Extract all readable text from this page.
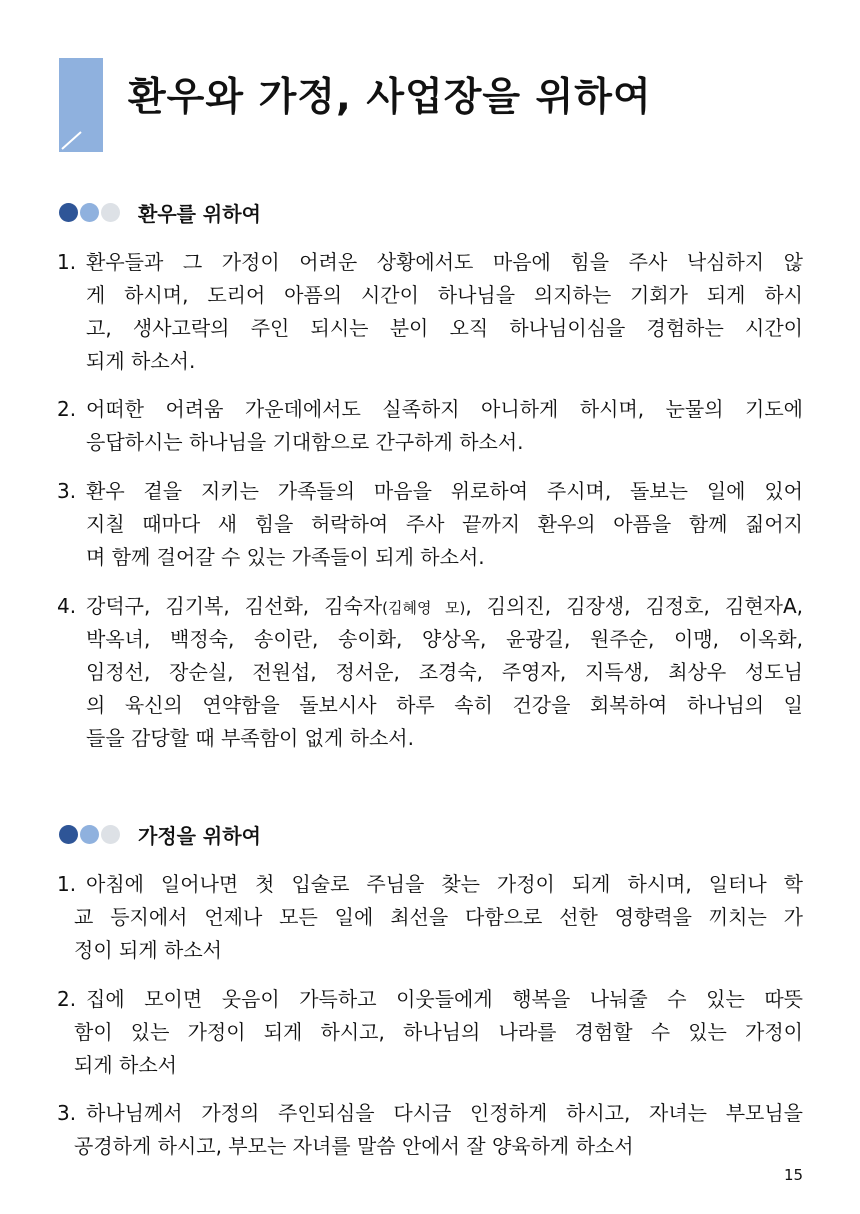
환우와 가정, 사업장을 위하여
환우를 위하여
1. 환우들과 그 가정이 어려운 상황에서도 마음에 힘을 주사 낙심하지 않
게 하시며, 도리어 아픔의 시간이 하나님을 의지하는 기회가 되게 하시
고, 생사고락의 주인 되시는 분이 오직 하나님이심을 경험하는 시간이
되게 하소서.
2. 어떠한 어려움 가운데에서도 실족하지 아니하게 하시며, 눈물의 기도에
응답하시는 하나님을 기대함으로 간구하게 하소서.
3. 환우 곁을 지키는 가족들의 마음을 위로하여 주시며, 돌보는 일에 있어
지칠 때마다 새 힘을 허락하여 주사 끝까지 환우의 아픔을 함께 짊어지
며 함께 걸어갈 수 있는 가족들이 되게 하소서.
4. 강덕구, 김기복, 김선화, 김숙자(김혜영 모), 김의진, 김장생, 김정호, 김현자A,
박옥녀, 백정숙, 송이란, 송이화, 양상옥, 윤광길, 원주순, 이맹, 이옥화,
임정선, 장순실, 전원섭, 정서운, 조경숙, 주영자, 지득생, 최상우 성도님
의 육신의 연약함을 돌보시사 하루 속히 건강을 회복하여 하나님의 일
들을 감당할 때 부족함이 없게 하소서.
가정을 위하여
1. 아침에 일어나면 첫 입술로 주님을 찾는 가정이 되게 하시며, 일터나 학
교 등지에서 언제나 모든 일에 최선을 다함으로 선한 영향력을 끼치는 가
정이 되게 하소서
2. 집에 모이면 웃음이 가득하고 이웃들에게 행복을 나눠줄 수 있는 따뜻
함이 있는 가정이 되게 하시고, 하나님의 나라를 경험할 수 있는 가정이
되게 하소서
3. 하나님께서 가정의 주인되심을 다시금 인정하게 하시고, 자녀는 부모님을
공경하게 하시고, 부모는 자녀를 말씀 안에서 잘 양육하게 하소서
15
